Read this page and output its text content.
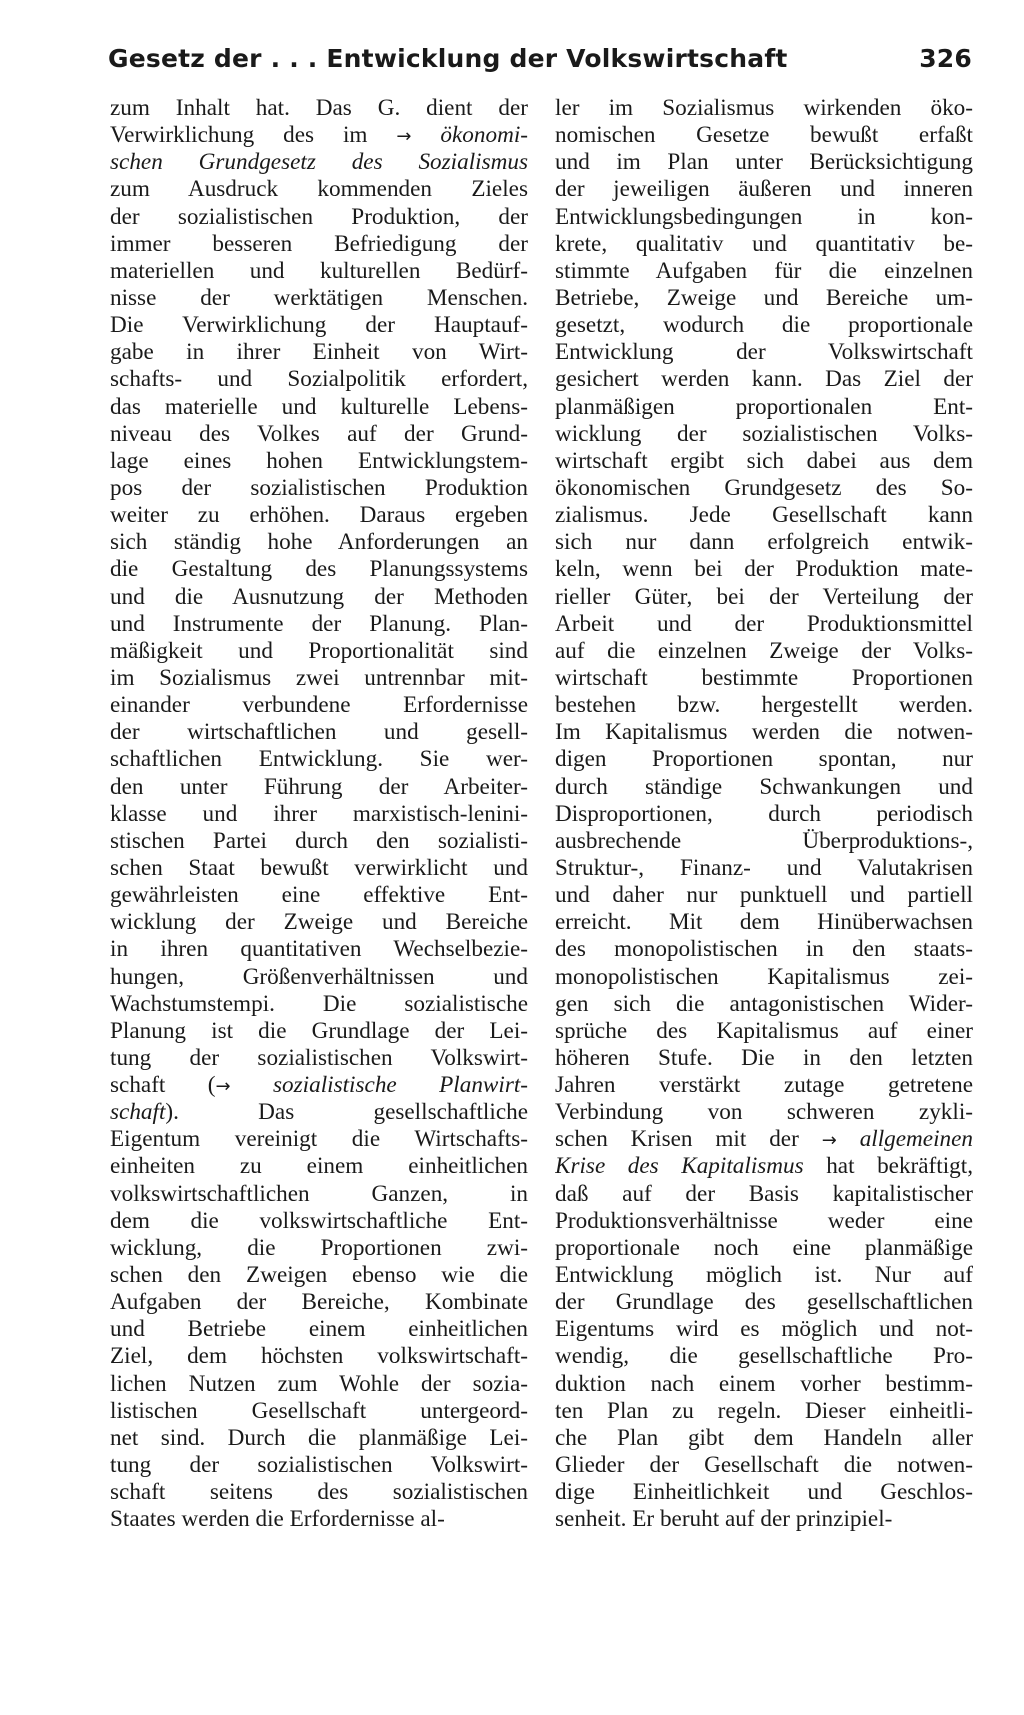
Gesetz der . . . Entwicklung der Volkswirtschaft	326
zum Inhalt hat. Das G. dient der
Verwirklichung des im → ökonomi-
schen Grundgesetz des Sozialismus
zum Ausdruck kommenden Zieles
der sozialistischen Produktion, der
immer besseren Befriedigung der
materiellen und kulturellen Bedürf-
nisse der werktätigen Menschen.
Die Verwirklichung der Hauptauf-
gabe in ihrer Einheit von Wirt-
schafts- und Sozialpolitik erfordert,
das materielle und kulturelle Lebens-
niveau des Volkes auf der Grund-
lage eines hohen Entwicklungstem-
pos der sozialistischen Produktion
weiter zu erhöhen. Daraus ergeben
sich ständig hohe Anforderungen an
die Gestaltung des Planungssystems
und die Ausnutzung der Methoden
und Instrumente der Planung. Plan-
mäßigkeit und Proportionalität sind
im Sozialismus zwei untrennbar mit-
einander verbundene Erfordernisse
der wirtschaftlichen und gesell-
schaftlichen Entwicklung. Sie wer-
den unter Führung der Arbeiter-
klasse und ihrer marxistisch-lenini-
stischen Partei durch den sozialisti-
schen Staat bewußt verwirklicht und
gewährleisten eine effektive Ent-
wicklung der Zweige und Bereiche
in ihren quantitativen Wechselbezie-
hungen, Größenverhältnissen und
Wachstumstempi. Die sozialistische
Planung ist die Grundlage der Lei-
tung der sozialistischen Volkswirt-
schaft (→ sozialistische Planwirt-
schaft). Das gesellschaftliche
Eigentum vereinigt die Wirtschafts-
einheiten zu einem einheitlichen
volkswirtschaftlichen Ganzen, in
dem die volkswirtschaftliche Ent-
wicklung, die Proportionen zwi-
schen den Zweigen ebenso wie die
Aufgaben der Bereiche, Kombinate
und Betriebe einem einheitlichen
Ziel, dem höchsten volkswirtschaft-
lichen Nutzen zum Wohle der sozia-
listischen Gesellschaft untergeord-
net sind. Durch die planmäßige Lei-
tung der sozialistischen Volkswirt-
schaft seitens des sozialistischen
Staates werden die Erfordernisse al-
ler im Sozialismus wirkenden öko-
nomischen Gesetze bewußt erfaßt
und im Plan unter Berücksichtigung
der jeweiligen äußeren und inneren
Entwicklungsbedingungen in kon-
krete, qualitativ und quantitativ be-
stimmte Aufgaben für die einzelnen
Betriebe, Zweige und Bereiche um-
gesetzt, wodurch die proportionale
Entwicklung der Volkswirtschaft
gesichert werden kann. Das Ziel der
planmäßigen proportionalen Ent-
wicklung der sozialistischen Volks-
wirtschaft ergibt sich dabei aus dem
ökonomischen Grundgesetz des So-
zialismus. Jede Gesellschaft kann
sich nur dann erfolgreich entwik-
keln, wenn bei der Produktion mate-
rieller Güter, bei der Verteilung der
Arbeit und der Produktionsmittel
auf die einzelnen Zweige der Volks-
wirtschaft bestimmte Proportionen
bestehen bzw. hergestellt werden.
Im Kapitalismus werden die notwen-
digen Proportionen spontan, nur
durch ständige Schwankungen und
Disproportionen, durch periodisch
ausbrechende Überproduktions-,
Struktur-, Finanz- und Valutakrisen
und daher nur punktuell und partiell
erreicht. Mit dem Hinüberwachsen
des monopolistischen in den staats-
monopolistischen Kapitalismus zei-
gen sich die antagonistischen Wider-
sprüche des Kapitalismus auf einer
höheren Stufe. Die in den letzten
Jahren verstärkt zutage getretene
Verbindung von schweren zykli-
schen Krisen mit der → allgemeinen
Krise des Kapitalismus hat bekräftigt,
daß auf der Basis kapitalistischer
Produktionsverhältnisse weder eine
proportionale noch eine planmäßige
Entwicklung möglich ist. Nur auf
der Grundlage des gesellschaftlichen
Eigentums wird es möglich und not-
wendig, die gesellschaftliche Pro-
duktion nach einem vorher bestimm-
ten Plan zu regeln. Dieser einheitli-
che Plan gibt dem Handeln aller
Glieder der Gesellschaft die notwen-
dige Einheitlichkeit und Geschlos-
senheit. Er beruht auf der prinzipiel-
